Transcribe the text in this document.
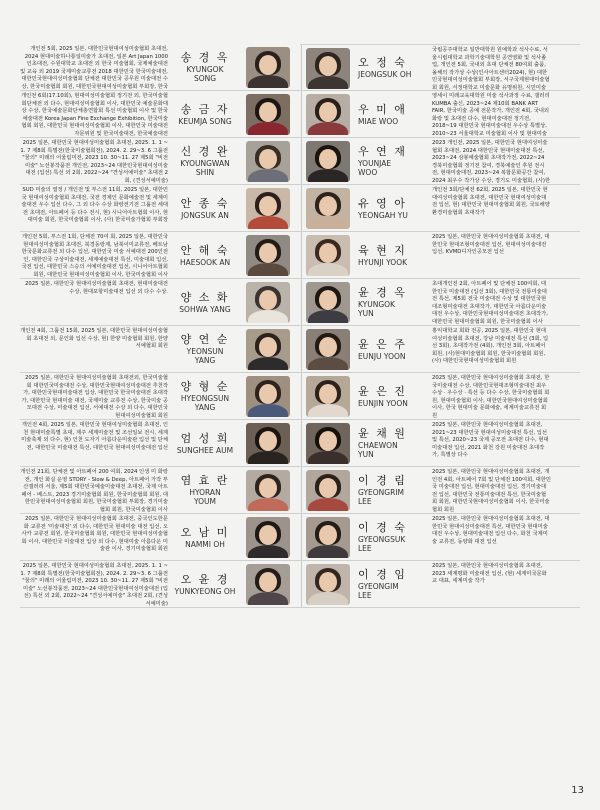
개인전 5회, 2025 일본, 대한민국현대여성미술협회 초대전, 2024 현대미술하나통일미술가 초대전, 일본 Art Japan 1000인초대전, 수원대학교 초대전 외 한국 미술협회, 국제예술대전 및 교육 외 2019 국제미술교류전 2018 대한민국 한국미술대전, 대한민국현대여성미술협회 단체전 대한민국 공무원 미술대전 수상, 한국미술협회 회원, 대한민국현대여성미술협회 부회장, 한국
송 경 옥
KYUNGOK
SONG
개인전 6회(17.10회), 현대여성미술협회 정기전 외, 한국미술협회단체전 외 다수, 현대여성미술협회 이사, 대한민국 예술문화대상 수상, 한국예술문화단체총연합회 특선 미술협회 이사 및 한국예술대전 Korea Japan Fine Exchange Exhibition, 한국미술협회 회원, 대한민국 현대여성미술협회 이사, 대한민국 미술대전 자문위원 및 한국미술대전, 한국예술대전
송 금 자
KEUMJA SONG
2025 일본, 대한민국 현대여성미술협회 초대전, 2025. 1. 1 ~ 1. 7 제8회 특별전(한국미술협회전), 2024. 2. 29~3. 6 그룹전 "꿈의" 미래의 어울림미전, 2023 10. 30~11. 27 제5회 "비전미술" 노선봉작품전 개인전, 2023~24 대한민국현대여성미술대전 (입선) 특선 외 2회, 2022~24 "견성서예미술" 초대전 2회, (견성서예미술)
신 경 완
KYOUNGWAN
SHIN
SUD 미술의 열정 / 개인전 및 부스전 11회, 2025 일본, 대한민국 현대여성미술협회 초대전, 국전 경제인 문화예술전 및 세계미술대전 우수 입선 다수, 그 외 다수 수상 화랑전기전 그룹전 세대전 초대전, 아트페어 등 다수 전시, 현) 시니어아트협회 이사, 현대미술 회원, 한국미술협회 이사, (사) 한국미술가협회 부회장
안 종 숙
JONGSUK AN
개인전 5회, 부스전 1회, 단체전 70여 회, 2025 일본, 대한민국 현대여성미술협회 초대전, 북경동랑제, 남북이미교류전, 베트남한국문화교류전 외 다수 입선, 대한민국 미술 서예대전 200인전인, 대한민국 구상미술대전, 세계예술대전 특선, 미술대회 입선, 국전 입선, 대한민국 스승의 서예미술대전 입선, 시니어아트협회 회원, 대한민국 현대여성미술협회 이사, 한국미술협회 이사
안 해 숙
HAESOOK AN
2025 일본, 대한민국 현대여성미술협회 초대전, 현대미술대전 수상, 현대포항미술대전 입선 외 다수 수상. 양 소 화
SOHWA YANG
개인전 4회, 그룹전 15회, 2025 일본, 대한민국 현대여성미술협회 초대전 외, 문인화 입선 수상, 현) 한양 미술협회 회원, 한양 서예협회 회원
양 연 순
YEONSUN
YANG
2025 일본, 대한민국 현대여성미술협회 초대전외, 한국미술협회 대한민국미술대전 수상, 대한민국현대여성미술대전 추천작가, 대한민국현대미술대전 입상, 대한민국 한국미술대전 초대작가, 대한민국 현대미술 대전, 국제미술 교류전 수상, 한국미술 공모대전 수상, 미술대전 입선, 서예대전 수상 외 다수, 대한민국 현대여성미술협회 회원
양 형 순
HYEONGSUN
YANG
개인전 4회, 2025 일본, 대한민국 현대여성미술협회 초대전, 인천 현대미술특별 초대, 제주 세계미술전 및 조선일보 전시, 세계미술축제 외 다수, 현) 인천 도자기 아름다운미술관 입선 및 단체전, 대한민국 미술대전 특선, 대한민국 현대여성미술대전 입선
엄 성 희
SUNGHEE AUM
개인전 21회, 단체전 및 아트페어 200 여회, 2024 인생 미 화랑전, 개인 화실 운영 STORY - Slow & Deep, 아트페어 가작 부산갤러리 서울, 제5회 대한민국예술미술대전 초대전, 국제 아트페어 - 베스트, 2023 경기미술협회 회원, 한국미술협회 회원, 대한민국현대여성미술협회 회원, 한국미술협회 부회장, 경기미술협회 회원, 한국미술협회 이사
염 효 란
HYORAN
YOUM
2025 일본, 대한민국 현대여성미술협회 초대전, 중국인도한문화 교류전 '미술대전' 외 다수, 대한민국 현대미술 대전 입선, 오사카 교류전 회원, 한국미술협회 회원, 대한민국 현대여성미술협회 이사, 대한민국 미술대전 입상 외 다수, 현대미술 아름다운 미술관 이사, 경기미술협회 회원
오 남 미
NAMMI OH
2025 일본, 대한민국 현대여성미술협회 초대전, 2025. 1. 1 ~ 1. 7 제8회 특별전(한국미술협회전), 2024. 2. 29~3. 6 그룹전 "꿈의" 미래의 어울림미전, 2023 10. 30~11. 27 제5회 "비전미술" 노선봉작품전, 2023~24 대한민국현대여성미술대전 (입선) 특선 외 2회, 2022~24 "견성서예미술" 초대전 2회, (견성서예미술)
오 윤 경
YUNKYEONG OH
오 정 숙
JEONGSUK OH
국립공주대학교 일반대학원 원예학과 석사수료, 서울시립대학교 과학기술대학원 공연영화 및 석사졸업, 개인전 5회, 국내외 초대 단체전 80여회 출품, 올해의 작가상 수상(인사아트센터2024), 현) 대한민국현대여성미술협회 부회장, 서구국제현대미술협회 회원, 서정대학교 미술문화 유명위원, 시민미술
우 미 애
MIAE WOO
영세이 미래교육대학원 미술 석사과정 수료, 갤러리 KUMBA 출신, 2023~24 제10회 BANK ART FAIR, 한국미술 공예 전문작가, 개인전 4회, 국내외 화랑 및 초대전 다수, 현대미술대전 정기전, 2018~19 대한민국 현대미술대전 우수상 특별상, 2010~23 서울대학교 미술협회 이사 및 현대미술
우 연 재
YOUNJAE
WOO
2023 개인전, 2025 일본, 대한민국 현대여성미술협회 초대전, 2024 대한민국 현대미술대전 특선, 2023~24 삼봉예술협회 초대작가전, 2022~24 경북미술협회 정기전 참여, 경북예술인 후원 전시전, 현대미술대전, 2023~24 복합문화공간 참여, 2024 최우수 작가상 수상, 경기도 미술협회, (사)한
유 영 아
YEONGAH YU
개인전 3회/단체전 62회, 2025 일본, 대한민국 현대여성미술협회 초대전, 대한민국 현대여성미술대전 입선, 현) 대한민국 현대미술협회 회원, 국토해양환경미술협회 초대작가
육 현 지
HYUNJI YOOK
2025 일본, 대한민국 현대여성미술협회 초대전, 대한민국 현대조형미술대전 입선, 현대여성미술대전 입선, KVMD디자인공모전 입선
윤 경 옥
KYUNGOK
YUN
초대개인전 2회, 아트페어 및 단체전 100여회, 대한민국 미술대전 (입선 3회), 대한민국 전통미술대전 특선, 제5회 전국 미술대전 수상 및 대한민국현대조형미술대전 초대작가, 대한민국 아름다운미술대전 우수상, 대한민국현대여성미술대전 초대작가, 대한민국 현대미술협회 회원, 한국미술협회 이사
윤 은 주
EUNJU YOON
홍익대학교 회화 전공, 2025 일본, 대한민국 현대여성미술협회 초대전, 강남 미술대전 특선 (3회, 입선 3회), 초대작가전 (4회), 개인전 3회, 아트페어 회원, (사)현대미술협회 회원, 한국미술협회 회원, (사) 대한민국현대여성미술협회 회원
윤 은 진
EUNJIN YOON
2025 일본, 대한민국 현대여성미술협회 초대전, 한국미술대전 수상, 대한민국현대조형미술대전 최우수상 · 우수상 · 특선 등 다수 수상, 한국미술협회 회원, 현대미술협회 이사, 대한민국현대여성미술협회 이사, 한국 현대미술 문화예술, 세계미술교류전 회원
윤 채 원
CHAEWON
YUN
2025 일본, 대한민국 현대여성미술협회 초대전, 2021~23 대한민국 현대여성미술대전 특선, 입선 및 특선, 2020~23 국제 공모전 초대전 다수, 현대미술대전 입선, 2021 화천 강원 미술대전 초대작가, 특별상 다수
이 경 림
GYEONGRIM
LEE
2025 일본, 대한민국 현대여성미술협회 초대전, 개인전 4회, 아트페어 7회 및 단체전 100여회, 대한민국 미술대전 입선, 현대미술대전 입선, 경기미술대전 입선, 대한민국 전통미술대전 특선, 한국미술협회 회원, 대한민국현대여성미술협회 이사, 한국미술협회 회원
이 경 숙
GYEONGSUK
LEE
2025 일본, 대한민국 현대여성미술협회 초대전, 대한민국 현대여성미술대전 특선, 대한민국 현대미술대전 우수상, 현대미술대전 입선 다수, 화천 국제미술 교류전, 동양화 대전 입선
이 경 임
GYEONGIM
LEE
2025 일본, 대한민국 현대여성미술협회 초대전, 2023 세계평화 미술대전 입선, (현) 세계미국문화교 대표, 세계미술 작가
13
